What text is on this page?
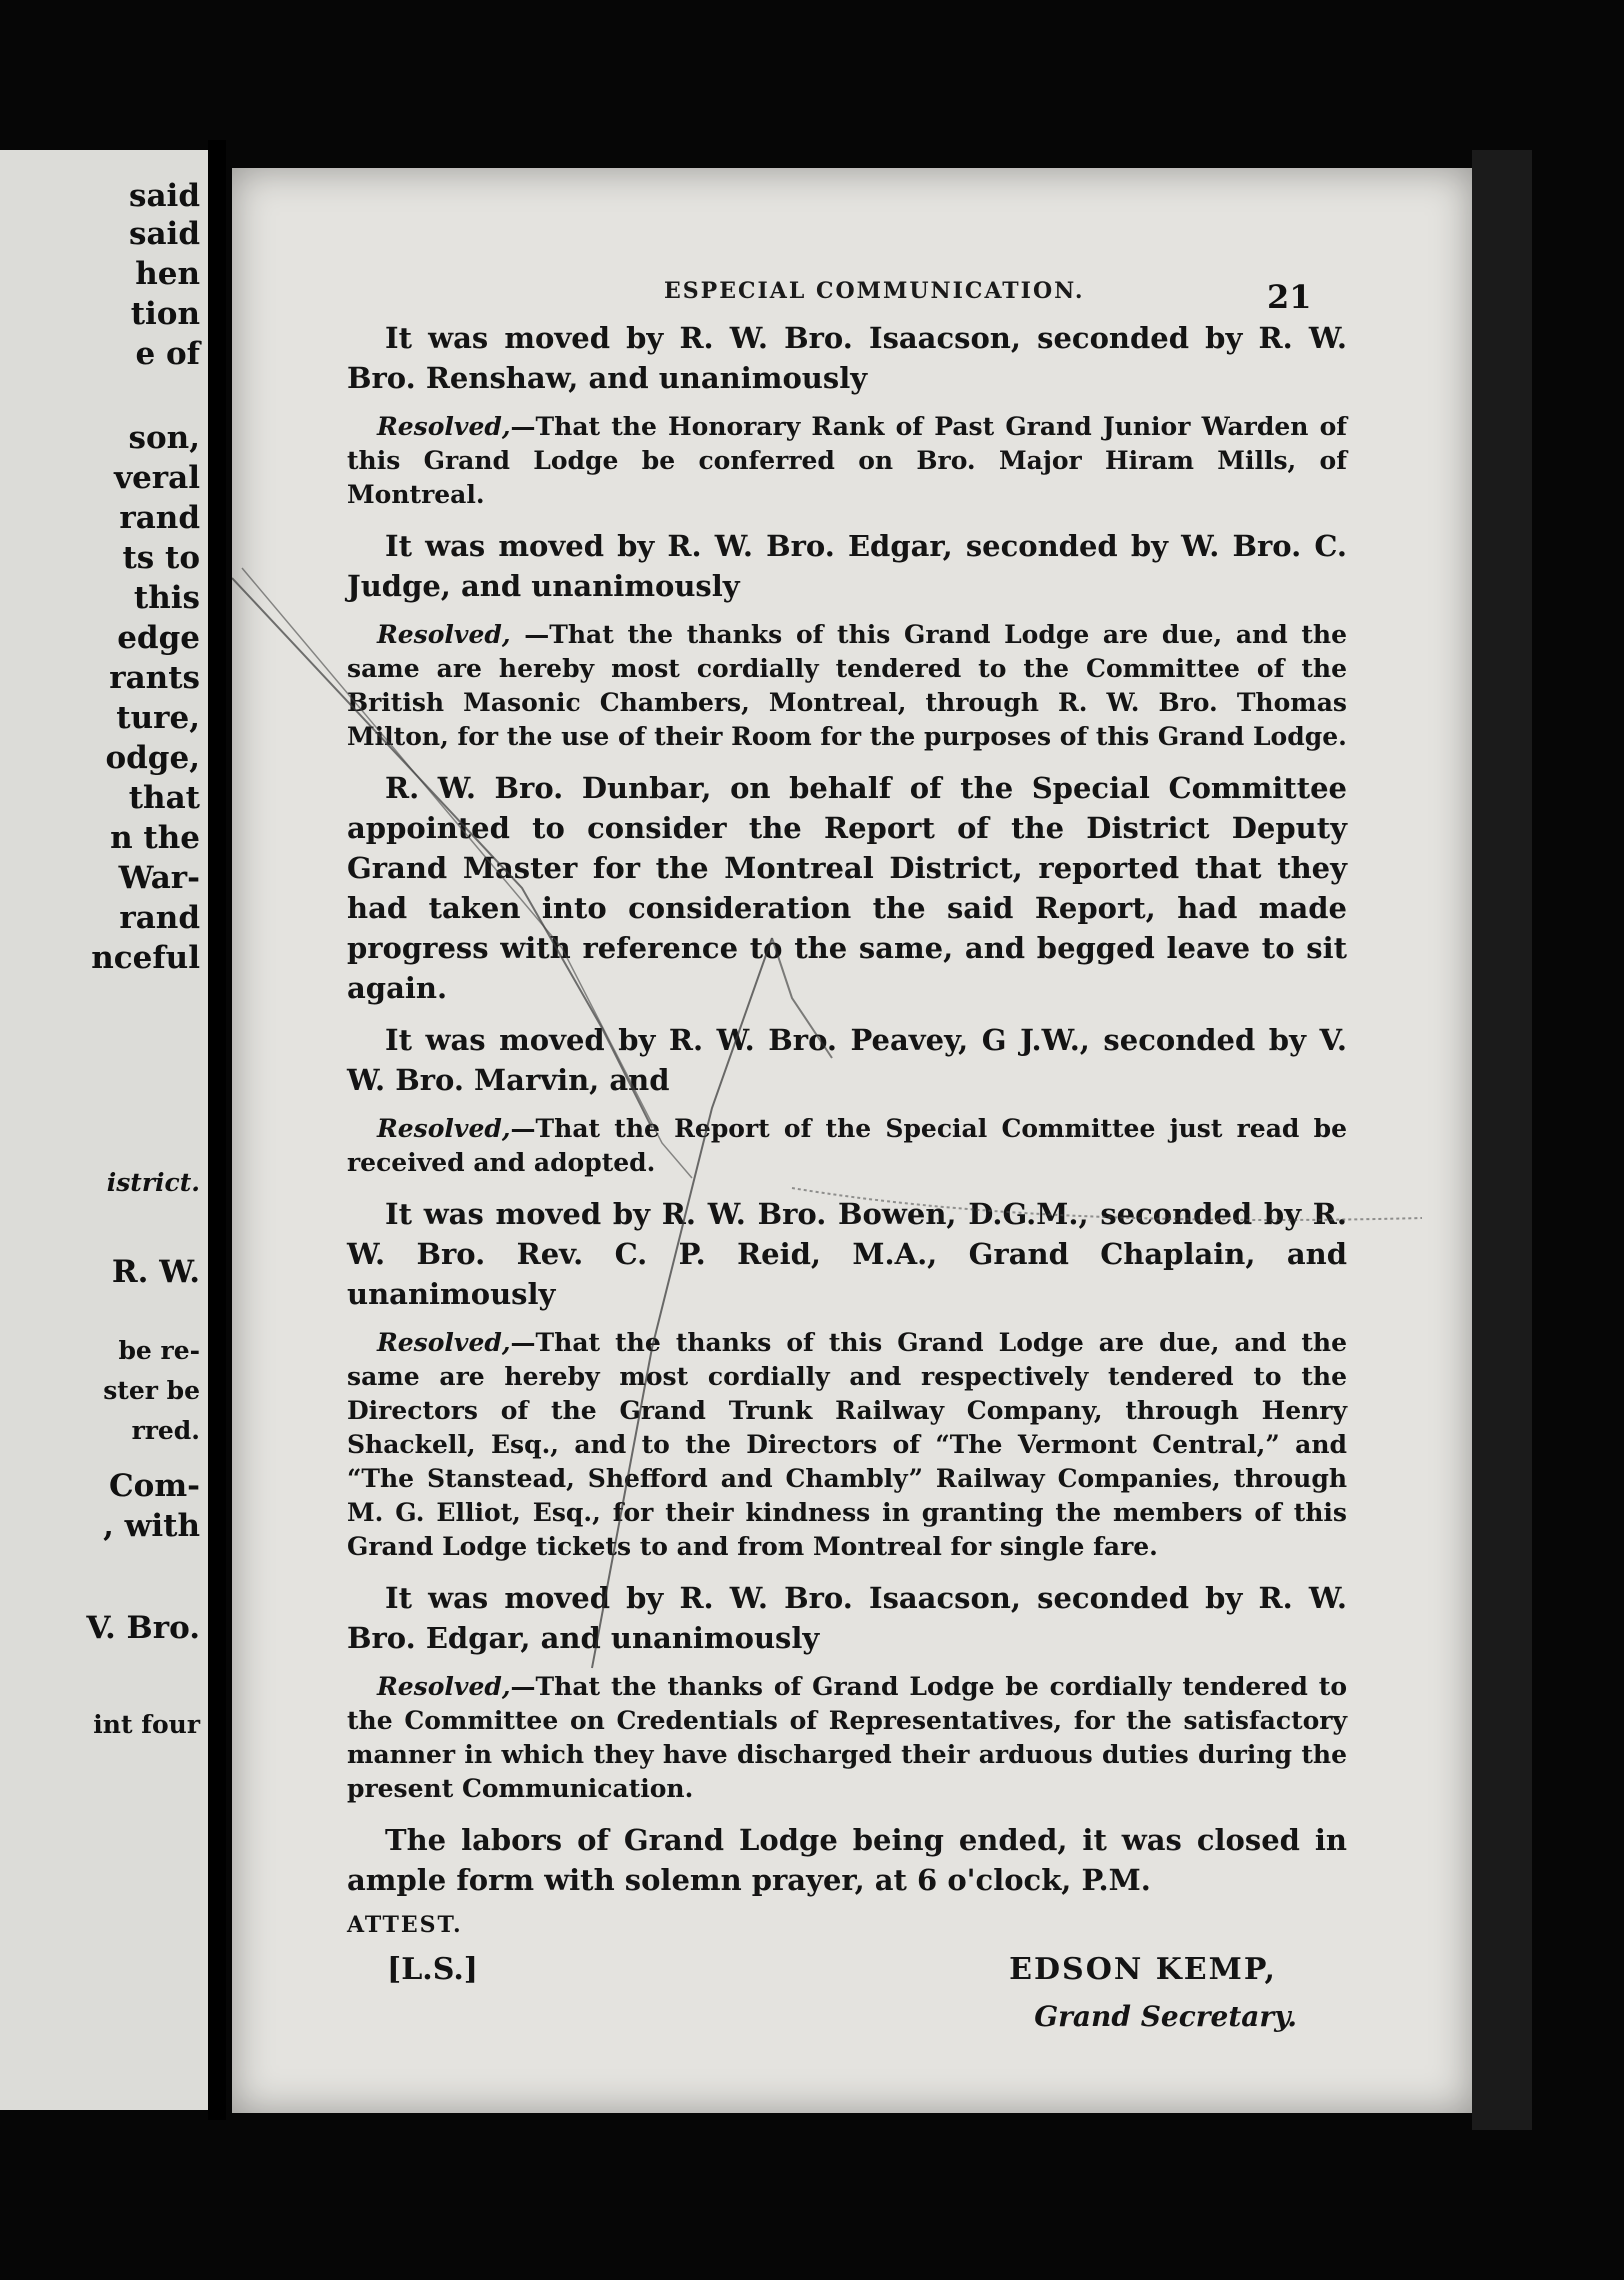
said
said
hen
tion
e of
son,
veral
rand
ts to
this
edge
rants
ture,
odge,
that
n the
War-
rand
nceful
istrict.
R. W.
be re-
ster be
rred.
Com-
, with
V. Bro.
int four
ESPECIAL COMMUNICATION.	21

It was moved by R. W. Bro. Isaacson, seconded by R. W. Bro. Renshaw, and unanimously

Resolved,—That the Honorary Rank of Past Grand Junior Warden of this Grand Lodge be conferred on Bro. Major Hiram Mills, of Montreal.

It was moved by R. W. Bro. Edgar, seconded by W. Bro. C. Judge, and unanimously

Resolved, —That the thanks of this Grand Lodge are due, and the same are hereby most cordially tendered to the Committee of the British Masonic Chambers, Montreal, through R. W. Bro. Thomas Milton, for the use of their Room for the purposes of this Grand Lodge.

R. W. Bro. Dunbar, on behalf of the Special Committee appointed to consider the Report of the District Deputy Grand Master for the Montreal District, reported that they had taken into consideration the said Report, had made progress with reference to the same, and begged leave to sit again.

It was moved by R. W. Bro. Peavey, G J.W., seconded by V. W. Bro. Marvin, and

Resolved,—That the Report of the Special Committee just read be received and adopted.

It was moved by R. W. Bro. Bowen, D.G.M., seconded by R. W. Bro. Rev. C. P. Reid, M.A., Grand Chaplain, and unanimously

Resolved,—That the thanks of this Grand Lodge are due, and the same are hereby most cordially and respectively tendered to the Directors of the Grand Trunk Railway Company, through Henry Shackell, Esq., and to the Directors of “The Vermont Central,” and “The Stanstead, Shefford and Chambly” Railway Companies, through M. G. Elliot, Esq., for their kindness in granting the members of this Grand Lodge tickets to and from Montreal for single fare.

It was moved by R. W. Bro. Isaacson, seconded by R. W. Bro. Edgar, and unanimously

Resolved,—That the thanks of Grand Lodge be cordially tendered to the Committee on Credentials of Representatives, for the satisfactory manner in which they have discharged their arduous duties during the present Communication.

The labors of Grand Lodge being ended, it was closed in ample form with solemn prayer, at 6 o'clock, P.M.

ATTEST.
[L.S.]	EDSON KEMP,
Grand Secretary.
